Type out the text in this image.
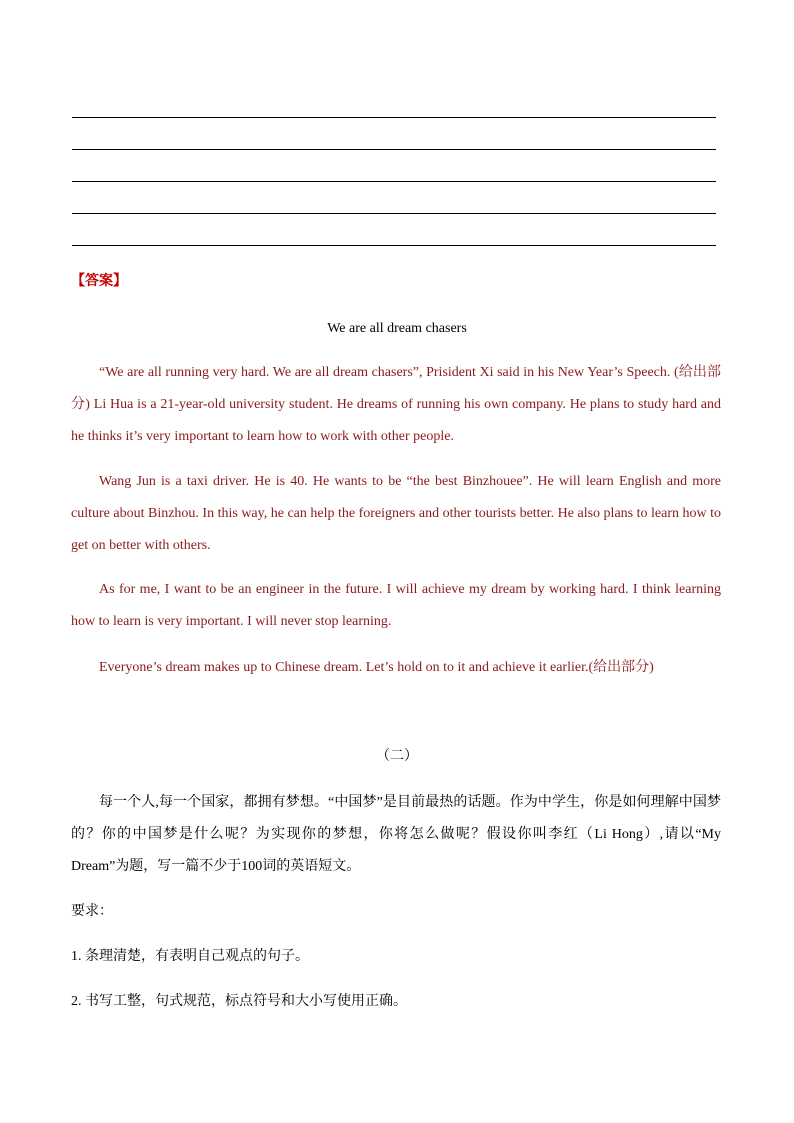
【答案】
We are all dream chasers

“We are all running very hard. We are all dream chasers”, Prisident Xi said in his New Year’s Speech. (给出部分) Li Hua is a 21-year-old university student. He dreams of running his own company. He plans to study hard and he thinks it’s very important to learn how to work with other people.

Wang Jun is a taxi driver. He is 40. He wants to be “the best Binzhouee”. He will learn English and more culture about Binzhou. In this way, he can help the foreigners and other tourists better. He also plans to learn how to get on better with others.

As for me, I want to be an engineer in the future. I will achieve my dream by working hard. I think learning how to learn is very important. I will never stop learning.

Everyone’s dream makes up to Chinese dream. Let’s hold on to it and achieve it earlier.(给出部分)

（二）

每一个人,每一个国家，都拥有梦想。“中国梦”是目前最热的话题。作为中学生，你是如何理解中国梦的？你的中国梦是什么呢？为实现你的梦想，你将怎么做呢？假设你叫李红（Li Hong）,请以“My Dream”为题，写一篇不少于100词的英语短文。

要求：

1. 条理清楚，有表明自己观点的句子。

2. 书写工整，句式规范，标点符号和大小写使用正确。
